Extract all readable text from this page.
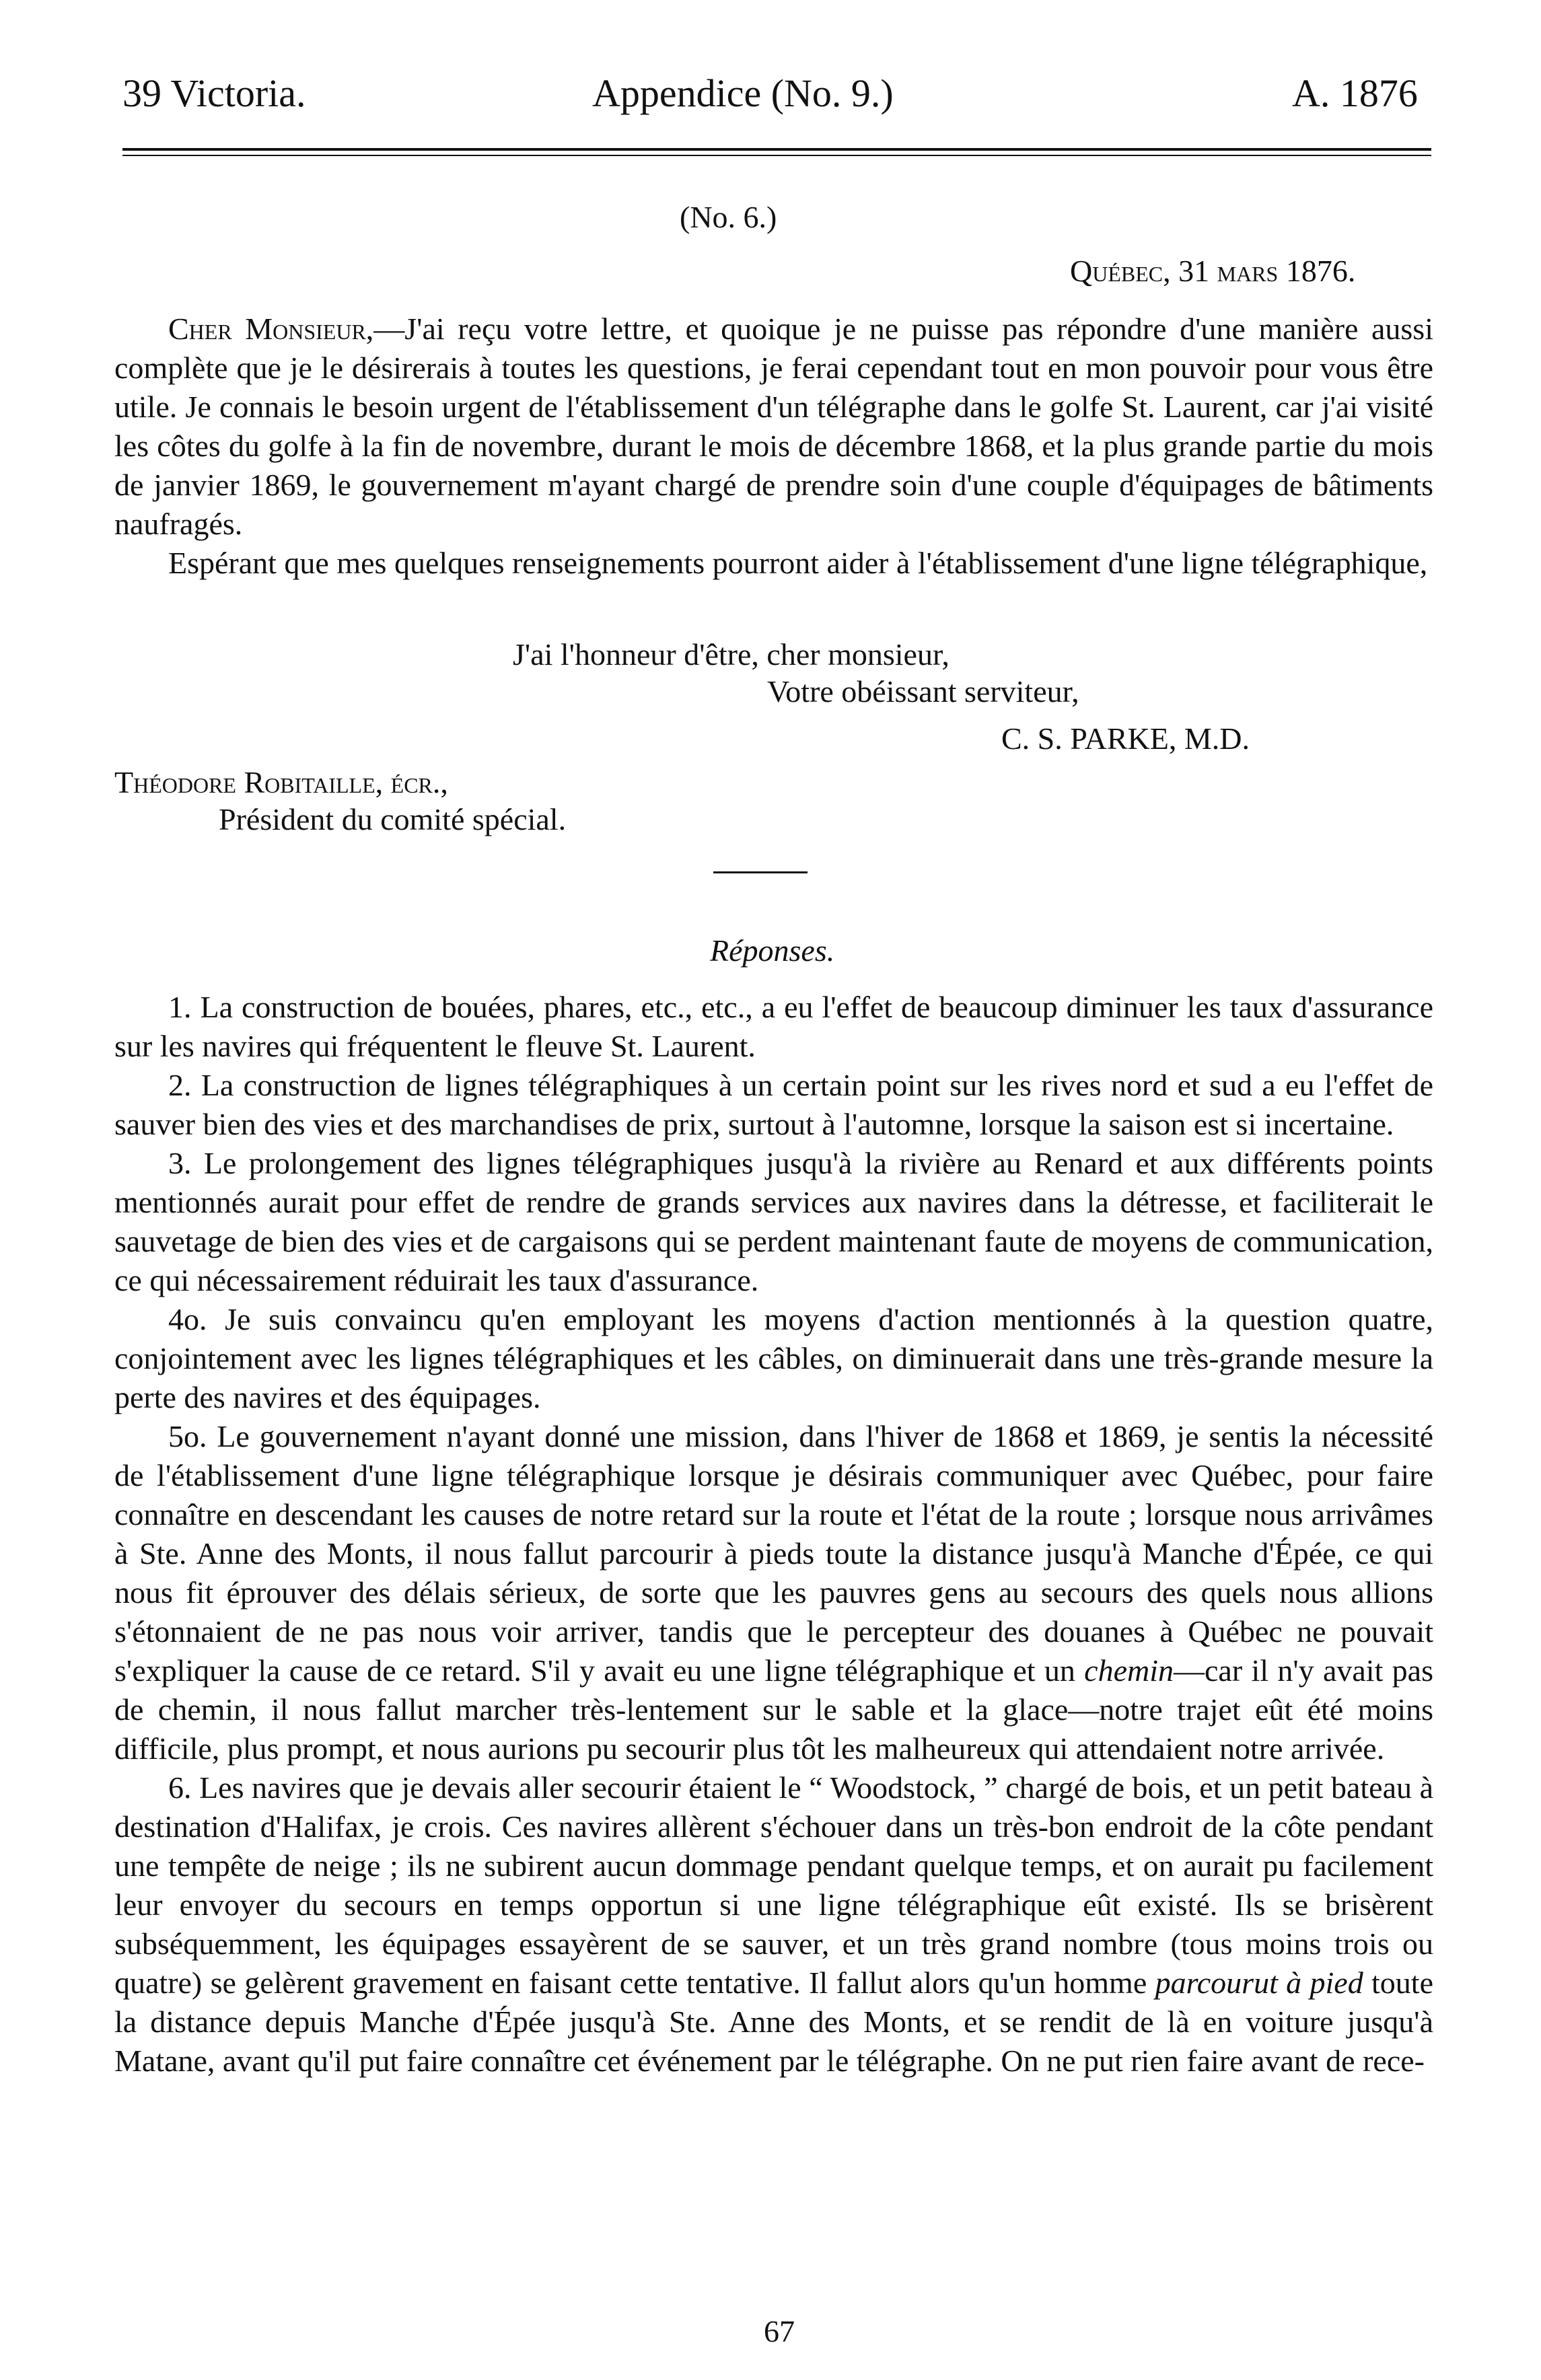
39 Victoria.	Appendice (No. 9.)	A. 1876
(No. 6.)
Québec, 31 mars 1876.

Cher Monsieur,—J'ai reçu votre lettre, et quoique je ne puisse pas répondre d'une manière aussi complète que je le désirerais à toutes les questions, je ferai cependant tout en mon pouvoir pour vous être utile. Je connais le besoin urgent de l'établissement d'un télégraphe dans le golfe St. Laurent, car j'ai visité les côtes du golfe à la fin de novembre, durant le mois de décembre 1868, et la plus grande partie du mois de janvier 1869, le gouvernement m'ayant chargé de prendre soin d'une couple d'équipages de bâtiments naufragés.

Espérant que mes quelques renseignements pourront aider à l'établissement d'une ligne télégraphique,

J'ai l'honneur d'être, cher monsieur,
Votre obéissant serviteur,
C. S. PARKE, M.D.
Théodore Robitaille, écr.,
Président du comité spécial.
Réponses.

1. La construction de bouées, phares, etc., etc., a eu l'effet de beaucoup diminuer les taux d'assurance sur les navires qui fréquentent le fleuve St. Laurent.

2. La construction de lignes télégraphiques à un certain point sur les rives nord et sud a eu l'effet de sauver bien des vies et des marchandises de prix, surtout à l'automne, lorsque la saison est si incertaine.

3. Le prolongement des lignes télégraphiques jusqu'à la rivière au Renard et aux différents points mentionnés aurait pour effet de rendre de grands services aux navires dans la détresse, et faciliterait le sauvetage de bien des vies et de cargaisons qui se perdent maintenant faute de moyens de communication, ce qui nécessairement réduirait les taux d'assurance.

4o. Je suis convaincu qu'en employant les moyens d'action mentionnés à la question quatre, conjointement avec les lignes télégraphiques et les câbles, on diminuerait dans une très-grande mesure la perte des navires et des équipages.

5o. Le gouvernement n'ayant donné une mission, dans l'hiver de 1868 et 1869, je sentis la nécessité de l'établissement d'une ligne télégraphique lorsque je désirais communiquer avec Québec, pour faire connaître en descendant les causes de notre retard sur la route et l'état de la route ; lorsque nous arrivâmes à Ste. Anne des Monts, il nous fallut parcourir à pieds toute la distance jusqu'à Manche d'Épée, ce qui nous fit éprouver des délais sérieux, de sorte que les pauvres gens au secours des quels nous allions s'étonnaient de ne pas nous voir arriver, tandis que le percepteur des douanes à Québec ne pouvait s'expliquer la cause de ce retard. S'il y avait eu une ligne télégraphique et un chemin—car il n'y avait pas de chemin, il nous fallut marcher très-lentement sur le sable et la glace—notre trajet eût été moins difficile, plus prompt, et nous aurions pu secourir plus tôt les malheureux qui attendaient notre arrivée.

6. Les navires que je devais aller secourir étaient le “ Woodstock, ” chargé de bois, et un petit bateau à destination d'Halifax, je crois. Ces navires allèrent s'échouer dans un très-bon endroit de la côte pendant une tempête de neige ; ils ne subirent aucun dommage pendant quelque temps, et on aurait pu facilement leur envoyer du secours en temps opportun si une ligne télégraphique eût existé. Ils se brisèrent subséquemment, les équipages essayèrent de se sauver, et un très grand nombre (tous moins trois ou quatre) se gelèrent gravement en faisant cette tentative. Il fallut alors qu'un homme parcourut à pied toute la distance depuis Manche d'Épée jusqu'à Ste. Anne des Monts, et se rendit de là en voiture jusqu'à Matane, avant qu'il put faire connaître cet événement par le télégraphe. On ne put rien faire avant de rece-

67
